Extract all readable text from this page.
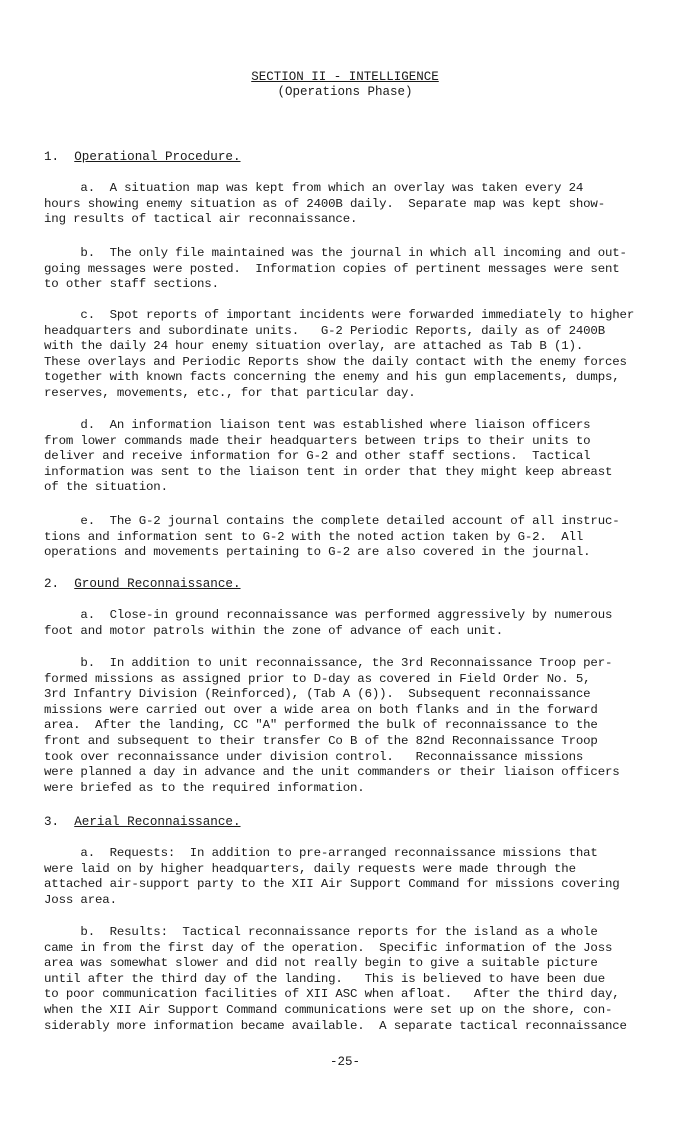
SECTION II - INTELLIGENCE
(Operations Phase)
1. Operational Procedure.
a.  A situation map was kept from which an overlay was taken every 24
hours showing enemy situation as of 2400B daily.  Separate map was kept show-
ing results of tactical air reconnaissance.
b.  The only file maintained was the journal in which all incoming and out-
going messages were posted.  Information copies of pertinent messages were sent
to other staff sections.
c.  Spot reports of important incidents were forwarded immediately to higher
headquarters and subordinate units.   G-2 Periodic Reports, daily as of 2400B
with the daily 24 hour enemy situation overlay, are attached as Tab B (1).
These overlays and Periodic Reports show the daily contact with the enemy forces
together with known facts concerning the enemy and his gun emplacements, dumps,
reserves, movements, etc., for that particular day.
d.  An information liaison tent was established where liaison officers
from lower commands made their headquarters between trips to their units to
deliver and receive information for G-2 and other staff sections.  Tactical
information was sent to the liaison tent in order that they might keep abreast
of the situation.
e.  The G-2 journal contains the complete detailed account of all instruc-
tions and information sent to G-2 with the noted action taken by G-2.  All
operations and movements pertaining to G-2 are also covered in the journal.
2. Ground Reconnaissance.
a.  Close-in ground reconnaissance was performed aggressively by numerous
foot and motor patrols within the zone of advance of each unit.
b.  In addition to unit reconnaissance, the 3rd Reconnaissance Troop per-
formed missions as assigned prior to D-day as covered in Field Order No. 5,
3rd Infantry Division (Reinforced), (Tab A (6)).  Subsequent reconnaissance
missions were carried out over a wide area on both flanks and in the forward
area.  After the landing, CC "A" performed the bulk of reconnaissance to the
front and subsequent to their transfer Co B of the 82nd Reconnaissance Troop
took over reconnaissance under division control.   Reconnaissance missions
were planned a day in advance and the unit commanders or their liaison officers
were briefed as to the required information.
3. Aerial Reconnaissance.
a.  Requests:  In addition to pre-arranged reconnaissance missions that
were laid on by higher headquarters, daily requests were made through the
attached air-support party to the XII Air Support Command for missions covering
Joss area.
b.  Results:  Tactical reconnaissance reports for the island as a whole
came in from the first day of the operation.  Specific information of the Joss
area was somewhat slower and did not really begin to give a suitable picture
until after the third day of the landing.   This is believed to have been due
to poor communication facilities of XII ASC when afloat.   After the third day,
when the XII Air Support Command communications were set up on the shore, con-
siderably more information became available.  A separate tactical reconnaissance
-25-
